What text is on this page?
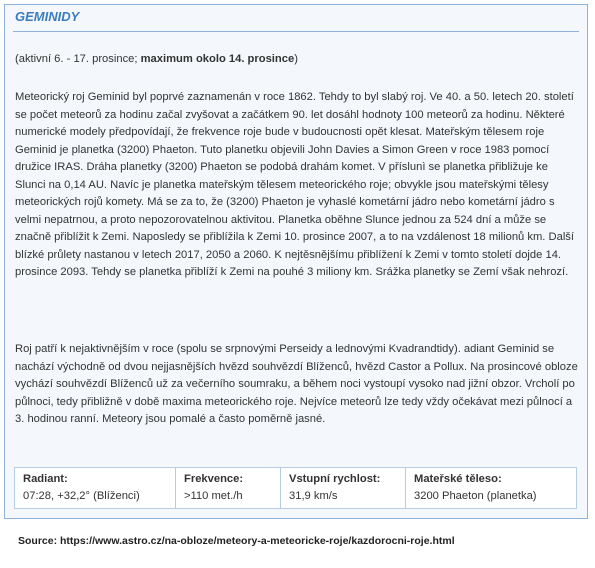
GEMINIDY

(aktivní 6. - 17. prosince; maximum okolo 14. prosince)

Meteorický roj Geminid byl poprvé zaznamenán v roce 1862. Tehdy to byl slabý roj. Ve 40. a 50. letech 20. století se počet meteorů za hodinu začal zvyšovat a začátkem 90. let dosáhl hodnoty 100 meteorů za hodinu. Některé numerické modely předpovídají, že frekvence roje bude v budoucnosti opět klesat. Mateřským tělesem roje Geminid je planetka (3200) Phaeton. Tuto planetku objevili John Davies a Simon Green v roce 1983 pomocí družice IRAS. Dráha planetky (3200) Phaeton se podobá drahám komet. V příslunì se planetka přibližuje ke Slunci na 0,14 AU. Navíc je planetka mateřským tělesem meteorického roje; obvykle jsou mateřskými tělesy meteorických rojů komety. Má se za to, že (3200) Phaeton je vyhaslé kometární jádro nebo kometární jádro s velmi nepatrnou, a proto nepozorovatelnou aktivitou. Planetka oběhne Slunce jednou za 524 dní a může se značně přiblížit k Zemi. Naposledy se přiblížila k Zemi 10. prosince 2007, a to na vzdálenost 18 milionů km. Další blízké průlety nastanou v letech 2017, 2050 a 2060. K nejtěsnějšímu přiblížení k Zemi v tomto století dojde 14. prosince 2093. Tehdy se planetka přiblíží k Zemi na pouhé 3 miliony km. Srážka planetky se Zemí však nehrozí.

Roj patří k nejaktivnějším v roce (spolu se srpnovými Perseidy a lednovými Kvadrandtidy). adiant Geminid se nachází východně od dvou nejjasnějších hvězd souhvězdí Blíženců, hvězd Castor a Pollux. Na prosincové obloze vychází souhvězdí Blíženců už za večerního soumraku, a během noci vystoupí vysoko nad jižní obzor. Vrcholí po půlnoci, tedy přibližně v době maxima meteorického roje. Nejvíce meteorů lze tedy vždy očekávat mezi půlnocí a 3. hodinou ranní. Meteory jsou pomalé a často poměrně jasné.

Radiant:
07:28, +32,2° (Blíženci)
Frekvence:
>110 met./h
Vstupní rychlost:
31,9 km/s
Mateřské těleso:
3200 Phaeton (planetka)
Source: https://www.astro.cz/na-obloze/meteory-a-meteoricke-roje/kazdorocni-roje.html
